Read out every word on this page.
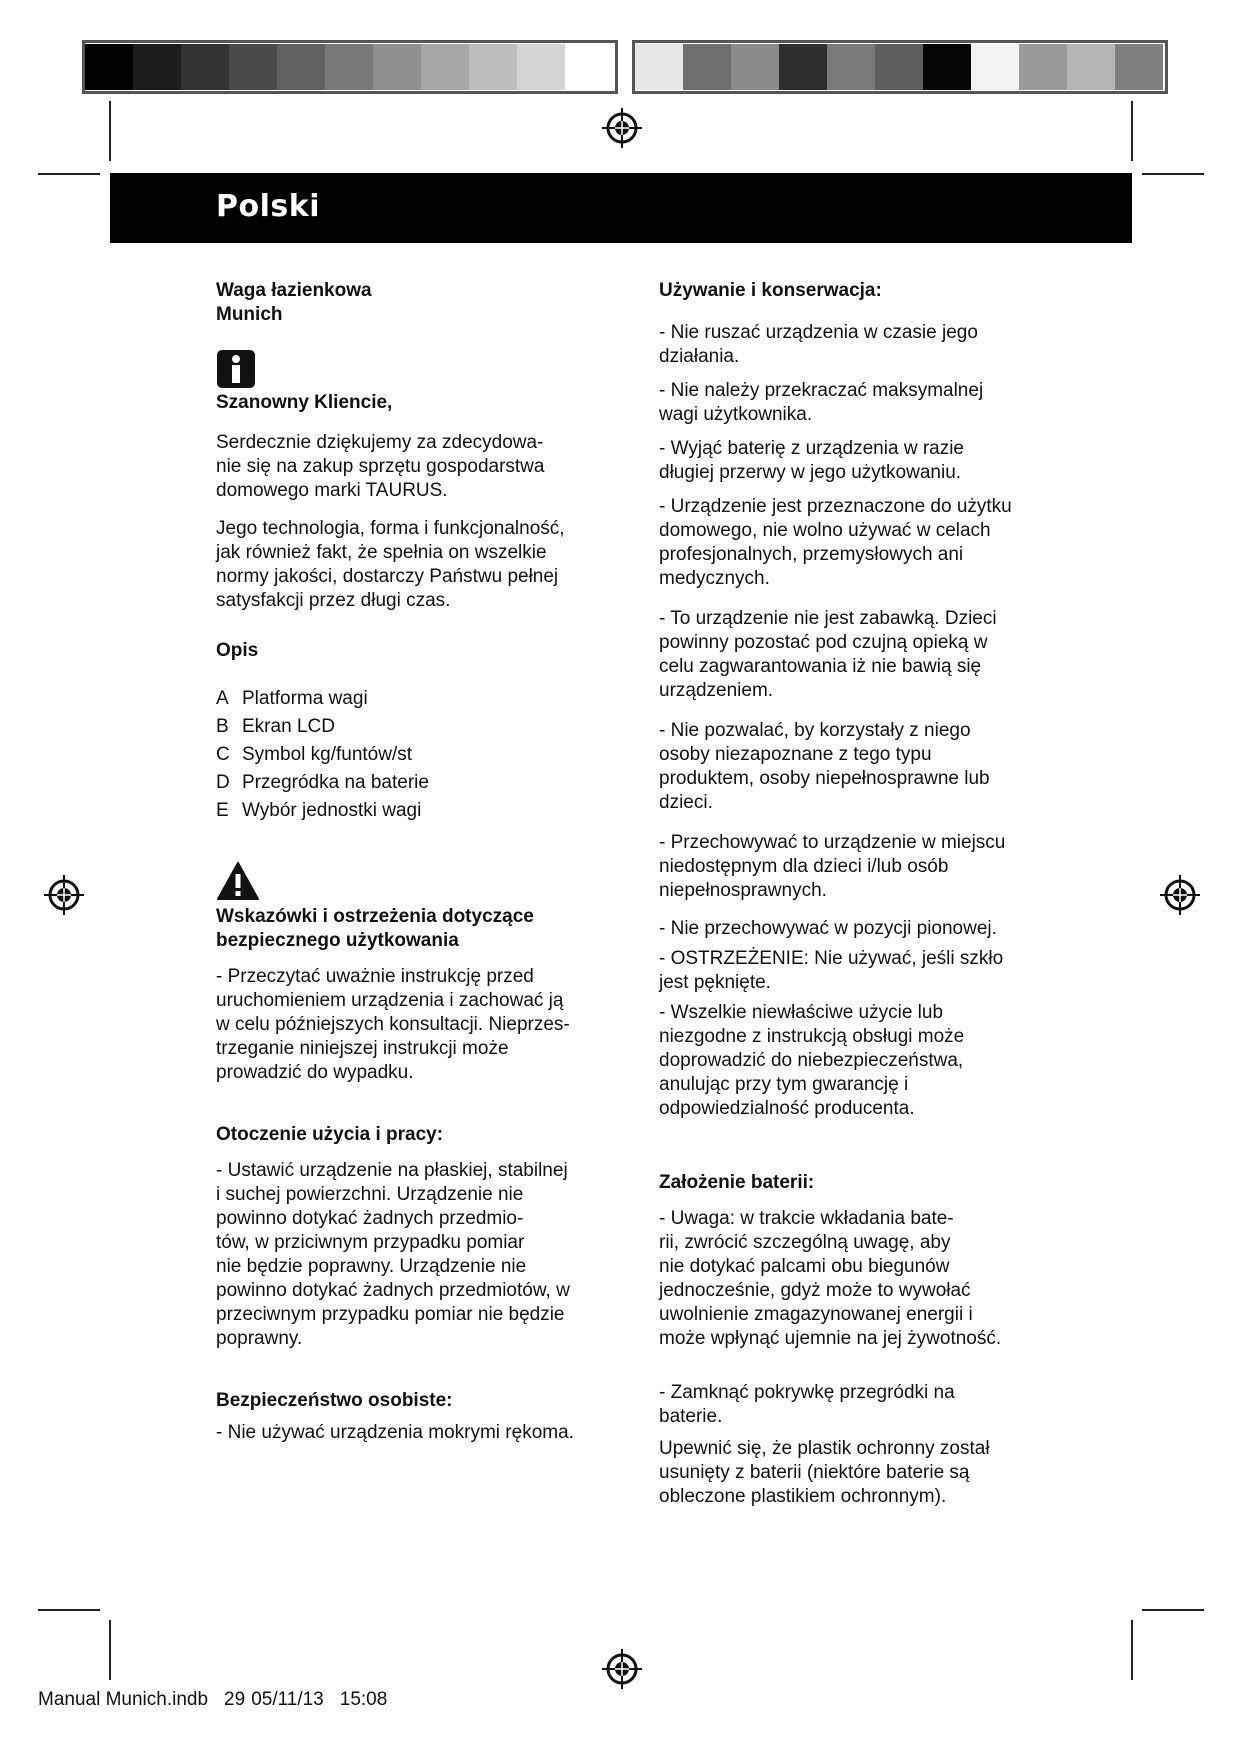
Polski

Waga łazienkowa

Munich

Szanowny Kliencie,

Serdecznie dziękujemy za zdecydowa-

nie się na zakup sprzętu gospodarstwa

domowego marki TAURUS.

Jego technologia, forma i funkcjonalność,

jak również fakt, że spełnia on wszelkie

normy jakości, dostarczy Państwu pełnej

satysfakcji przez długi czas.

Opis

A Platforma wagi
B Ekran LCD
C Symbol kg/funtów/st
D Przegródka na baterie
E Wybór jednostki wagi

Wskazówki i ostrzeżenia dotyczące

bezpiecznego użytkowania

- Przeczytać uważnie instrukcję przed

uruchomieniem urządzenia i zachować ją

w celu późniejszych konsultacji. Nieprzes-

trzeganie niniejszej instrukcji może

prowadzić do wypadku.

Otoczenie użycia i pracy:

- Ustawić urządzenie na płaskiej, stabilnej

i suchej powierzchni. Urządzenie nie

powinno dotykać żadnych przedmio-

tów, w prziciwnym przypadku pomiar

nie będzie poprawny. Urządzenie nie

powinno dotykać żadnych przedmiotów, w

przeciwnym przypadku pomiar nie będzie

poprawny.

Bezpieczeństwo osobiste:

- Nie używać urządzenia mokrymi rękoma.

Używanie i konserwacja:

- Nie ruszać urządzenia w czasie jego

działania.

- Nie należy przekraczać maksymalnej

wagi użytkownika.

- Wyjąć baterię z urządzenia w razie

długiej przerwy w jego użytkowaniu.

- Urządzenie jest przeznaczone do użytku

domowego, nie wolno używać w celach

profesjonalnych, przemysłowych ani

medycznych.

- To urządzenie nie jest zabawką. Dzieci

powinny pozostać pod czujną opieką w

celu zagwarantowania iż nie bawią się

urządzeniem.

- Nie pozwalać, by korzystały z niego

osoby niezapoznane z tego typu

produktem, osoby niepełnosprawne lub

dzieci.

- Przechowywać to urządzenie w miejscu

niedostępnym dla dzieci i/lub osób

niepełnosprawnych.

- Nie przechowywać w pozycji pionowej.

- OSTRZEŻENIE: Nie używać, jeśli szkło

jest pęknięte.

- Wszelkie niewłaściwe użycie lub

niezgodne z instrukcją obsługi może

doprowadzić do niebezpieczeństwa,

anulując przy tym gwarancję i

odpowiedzialność producenta.

Założenie baterii:

- Uwaga: w trakcie wkładania bate-

rii, zwrócić szczególną uwagę, aby

nie dotykać palcami obu biegunów

jednocześnie, gdyż może to wywołać

uwolnienie zmagazynowanej energii i

może wpłynąć ujemnie na jej żywotność.

- Zamknąć pokrywkę przegródki na

baterie.

Upewnić się, że plastik ochronny został

usunięty z baterii (niektóre baterie są

obleczone plastikiem ochronnym).

Manual Munich.indb 29 05/11/13 15:08
